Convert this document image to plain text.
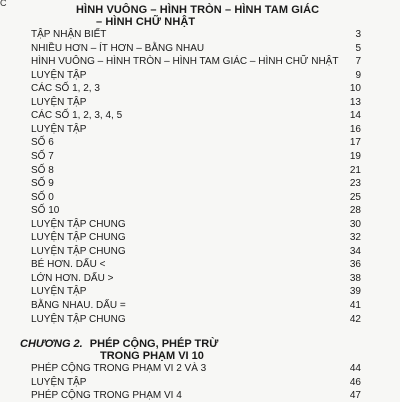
C
HÌNH VUÔNG – HÌNH TRÒN – HÌNH TAM GIÁC
– HÌNH CHỮ NHẬT
TẬP NHẬN BIẾT	3
NHIỀU HƠN – ÍT HƠN – BẰNG NHAU	5
HÌNH VUÔNG – HÌNH TRÒN – HÌNH TAM GIÁC – HÌNH CHỮ NHẬT 7
LUYỆN TẬP	9
CÁC SỐ 1, 2, 3	10
LUYỆN TẬP	13
CÁC SỐ 1, 2, 3, 4, 5	14
LUYỆN TẬP	16
SỐ 6	17
SỐ 7	19
SỐ 8	21
SỐ 9	23
SỐ 0	25
SỐ 10	28
LUYỆN TẬP CHUNG	30
LUYỆN TẬP CHUNG	32
LUYỆN TẬP CHUNG	34
BÉ HƠN. DẤU <	36
LỚN HƠN. DẤU >	38
LUYỆN TẬP	39
BẰNG NHAU. DẤU =	41
LUYỆN TẬP CHUNG	42
CHƯƠNG 2. PHÉP CỘNG, PHÉP TRỪ
TRONG PHẠM VI 10
PHÉP CỘNG TRONG PHẠM VI 2 VÀ 3	44
LUYỆN TẬP	46
PHÉP CỘNG TRONG PHẠM VI 4	47
